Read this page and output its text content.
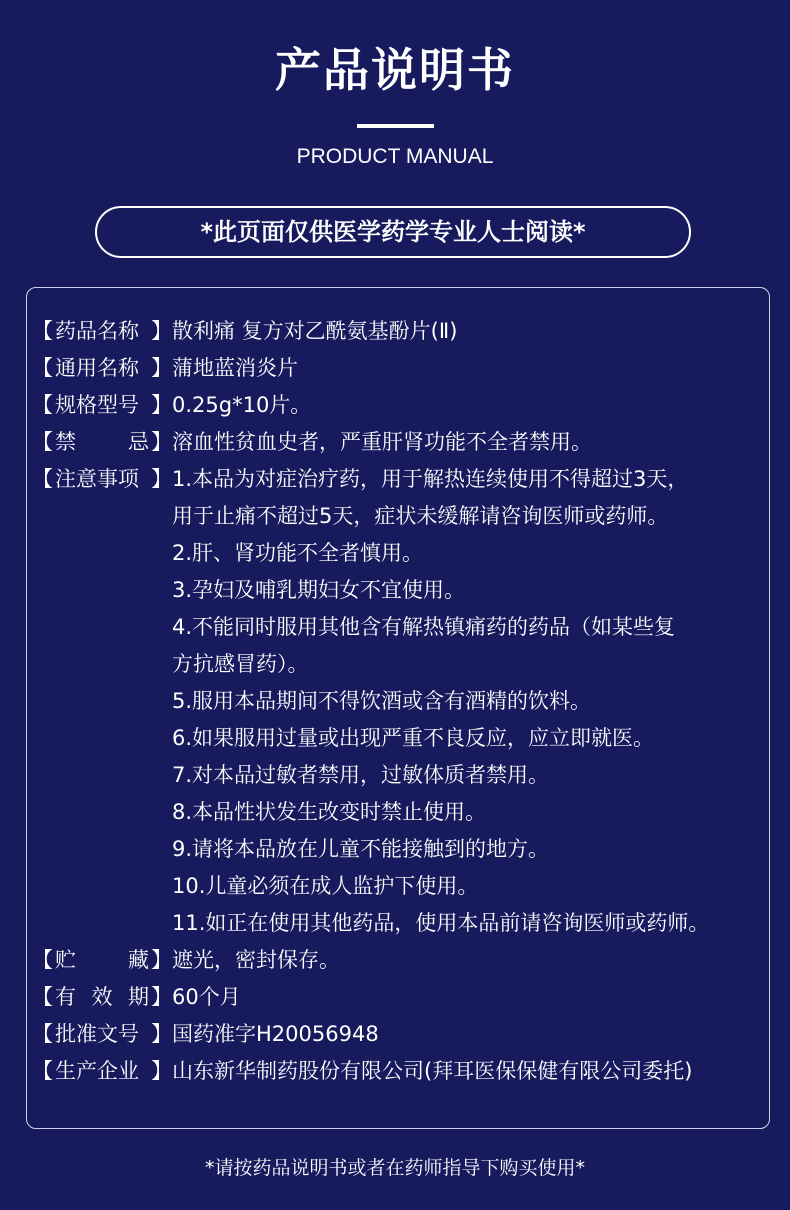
产品说明书
PRODUCT MANUAL
*此页面仅供医学药学专业人士阅读*
【 药品名称 】 散利痛 复方对乙酰氨基酚片(Ⅱ)
【 通用名称 】 蒲地蓝消炎片
【 规格型号 】 0.25g*10片。
【 禁 忌 】 溶血性贫血史者，严重肝肾功能不全者禁用。
【 注意事项 】 1.本品为对症治疗药，用于解热连续使用不得超过3天，
用于止痛不超过5天，症状未缓解请咨询医师或药师。
2.肝、肾功能不全者慎用。
3.孕妇及哺乳期妇女不宜使用。
4.不能同时服用其他含有解热镇痛药的药品（如某些复
方抗感冒药）。
5.服用本品期间不得饮酒或含有酒精的饮料。
6.如果服用过量或出现严重不良反应，应立即就医。
7.对本品过敏者禁用，过敏体质者禁用。
8.本品性状发生改变时禁止使用。
9.请将本品放在儿童不能接触到的地方。
10.儿童必须在成人监护下使用。
11.如正在使用其他药品，使用本品前请咨询医师或药师。
【 贮 藏 】 遮光，密封保存。
【 有 效 期 】 60个月
【 批准文号 】 国药准字H20056948
【 生产企业 】 山东新华制药股份有限公司(拜耳医保保健有限公司委托)
*请按药品说明书或者在药师指导下购买使用*
